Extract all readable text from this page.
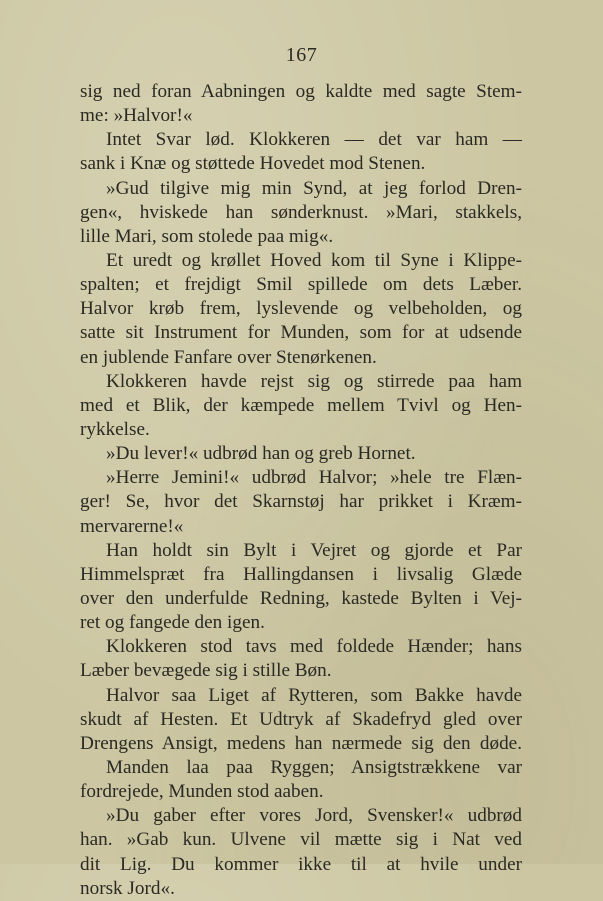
167
sig ned foran Aabningen og kaldte med sagte Stem-
me: »Halvor!«
Intet Svar lød. Klokkeren — det var ham —
sank i Knæ og støttede Hovedet mod Stenen.
»Gud tilgive mig min Synd, at jeg forlod Dren-
gen«, hviskede han sønderknust. »Mari, stakkels,
lille Mari, som stolede paa mig«.
Et uredt og krøllet Hoved kom til Syne i Klippe-
spalten; et frejdigt Smil spillede om dets Læber.
Halvor krøb frem, lyslevende og velbeholden, og
satte sit Instrument for Munden, som for at udsende
en jublende Fanfare over Stenørkenen.
Klokkeren havde rejst sig og stirrede paa ham
med et Blik, der kæmpede mellem Tvivl og Hen-
rykkelse.
»Du lever!« udbrød han og greb Hornet.
»Herre Jemini!« udbrød Halvor; »hele tre Flæn-
ger! Se, hvor det Skarnstøj har prikket i Kræm-
mervarerne!«
Han holdt sin Bylt i Vejret og gjorde et Par
Himmelspræt fra Hallingdansen i livsalig Glæde
over den underfulde Redning, kastede Bylten i Vej-
ret og fangede den igen.
Klokkeren stod tavs med foldede Hænder; hans
Læber bevægede sig i stille Bøn.
Halvor saa Liget af Rytteren, som Bakke havde
skudt af Hesten. Et Udtryk af Skadefryd gled over
Drengens Ansigt, medens han nærmede sig den døde.
Manden laa paa Ryggen; Ansigtstrækkene var
fordrejede, Munden stod aaben.
»Du gaber efter vores Jord, Svensker!« udbrød
han. »Gab kun. Ulvene vil mætte sig i Nat ved
dit Lig. Du kommer ikke til at hvile under
norsk Jord«.
